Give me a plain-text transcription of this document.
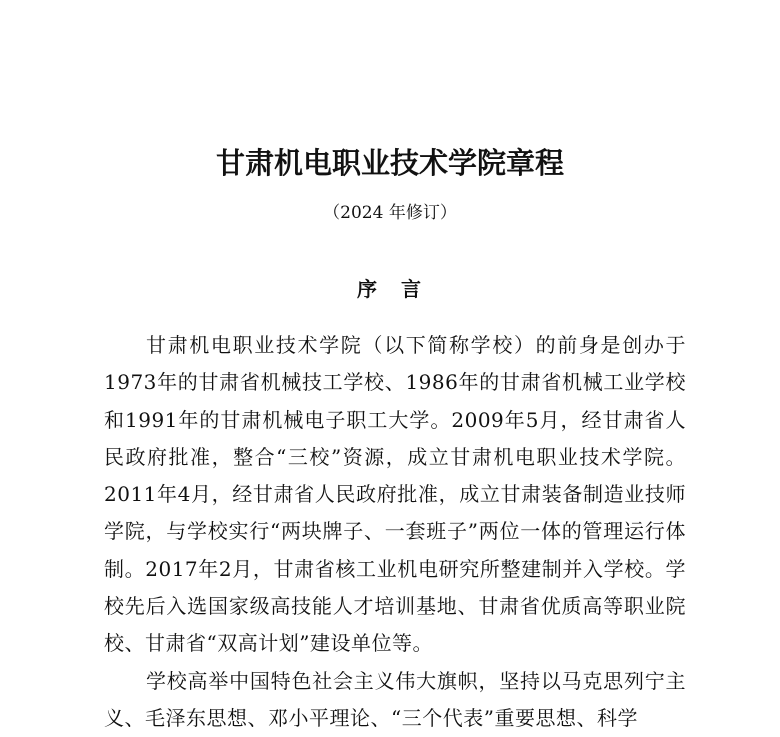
甘肃机电职业技术学院章程
（2024 年修订）
序　言

甘肃机电职业技术学院（以下简称学校）的前身是创办于1973年的甘肃省机械技工学校、1986年的甘肃省机械工业学校和1991年的甘肃机械电子职工大学。2009年5月，经甘肃省人民政府批准，整合“三校”资源，成立甘肃机电职业技术学院。2011年4月，经甘肃省人民政府批准，成立甘肃装备制造业技师学院，与学校实行“两块牌子、一套班子”两位一体的管理运行体制。2017年2月，甘肃省核工业机电研究所整建制并入学校。学校先后入选国家级高技能人才培训基地、甘肃省优质高等职业院校、甘肃省“双高计划”建设单位等。

学校高举中国特色社会主义伟大旗帜，坚持以马克思列宁主义、毛泽东思想、邓小平理论、“三个代表”重要思想、科学
